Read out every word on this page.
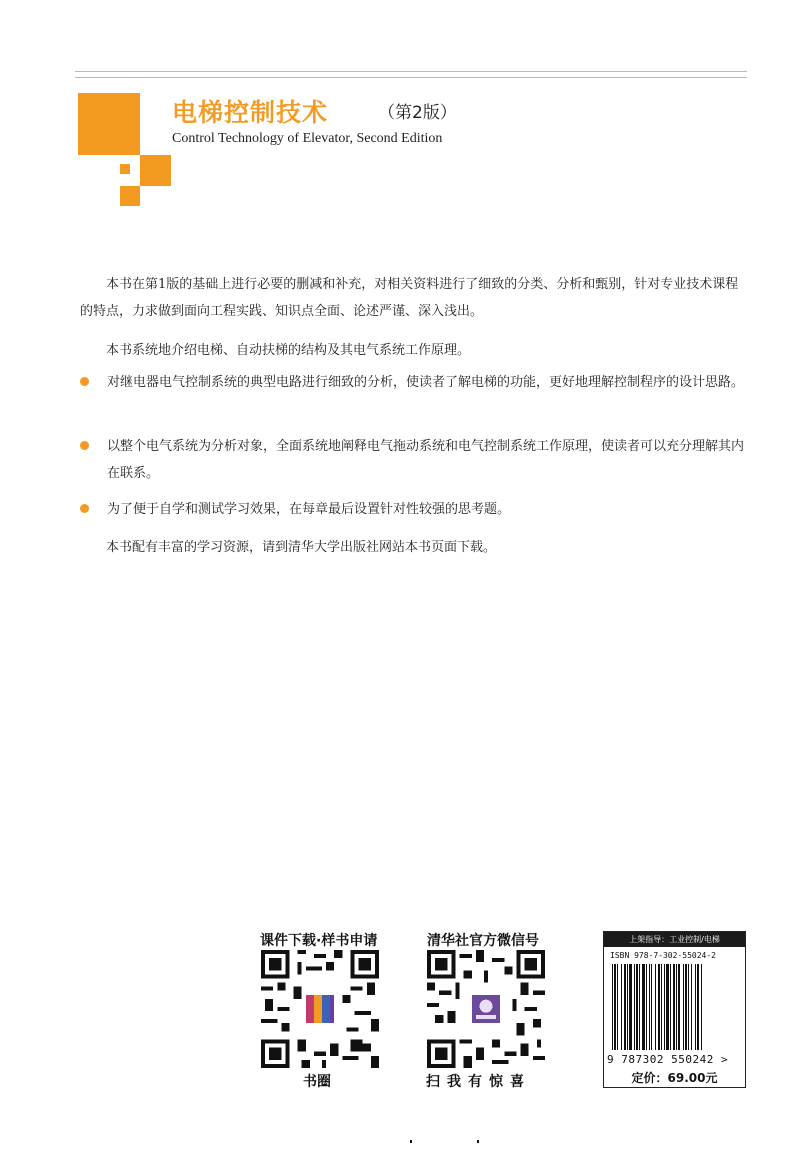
电梯控制技术	（第2版）
Control Technology of Elevator, Second Edition

本书在第1版的基础上进行必要的删减和补充，对相关资料进行了细致的分类、分析和甄别，针对专业技术课程的特点，力求做到面向工程实践、知识点全面、论述严谨、深入浅出。

本书系统地介绍电梯、自动扶梯的结构及其电气系统工作原理。

对继电器电气控制系统的典型电路进行细致的分析，使读者了解电梯的功能，更好地理解控制程序的设计思路。
以整个电气系统为分析对象，全面系统地阐释电气拖动系统和电气控制系统工作原理，使读者可以充分理解其内在联系。
为了便于自学和测试学习效果，在每章最后设置针对性较强的思考题。

本书配有丰富的学习资源，请到清华大学出版社网站本书页面下载。

课件下载·样书申请	清华社官方微信号
书圈	扫我有惊喜
上架指导：工业控制/电梯
ISBN 978-7-302-55024-2
9 787302 550242 >
定价：69.00元
